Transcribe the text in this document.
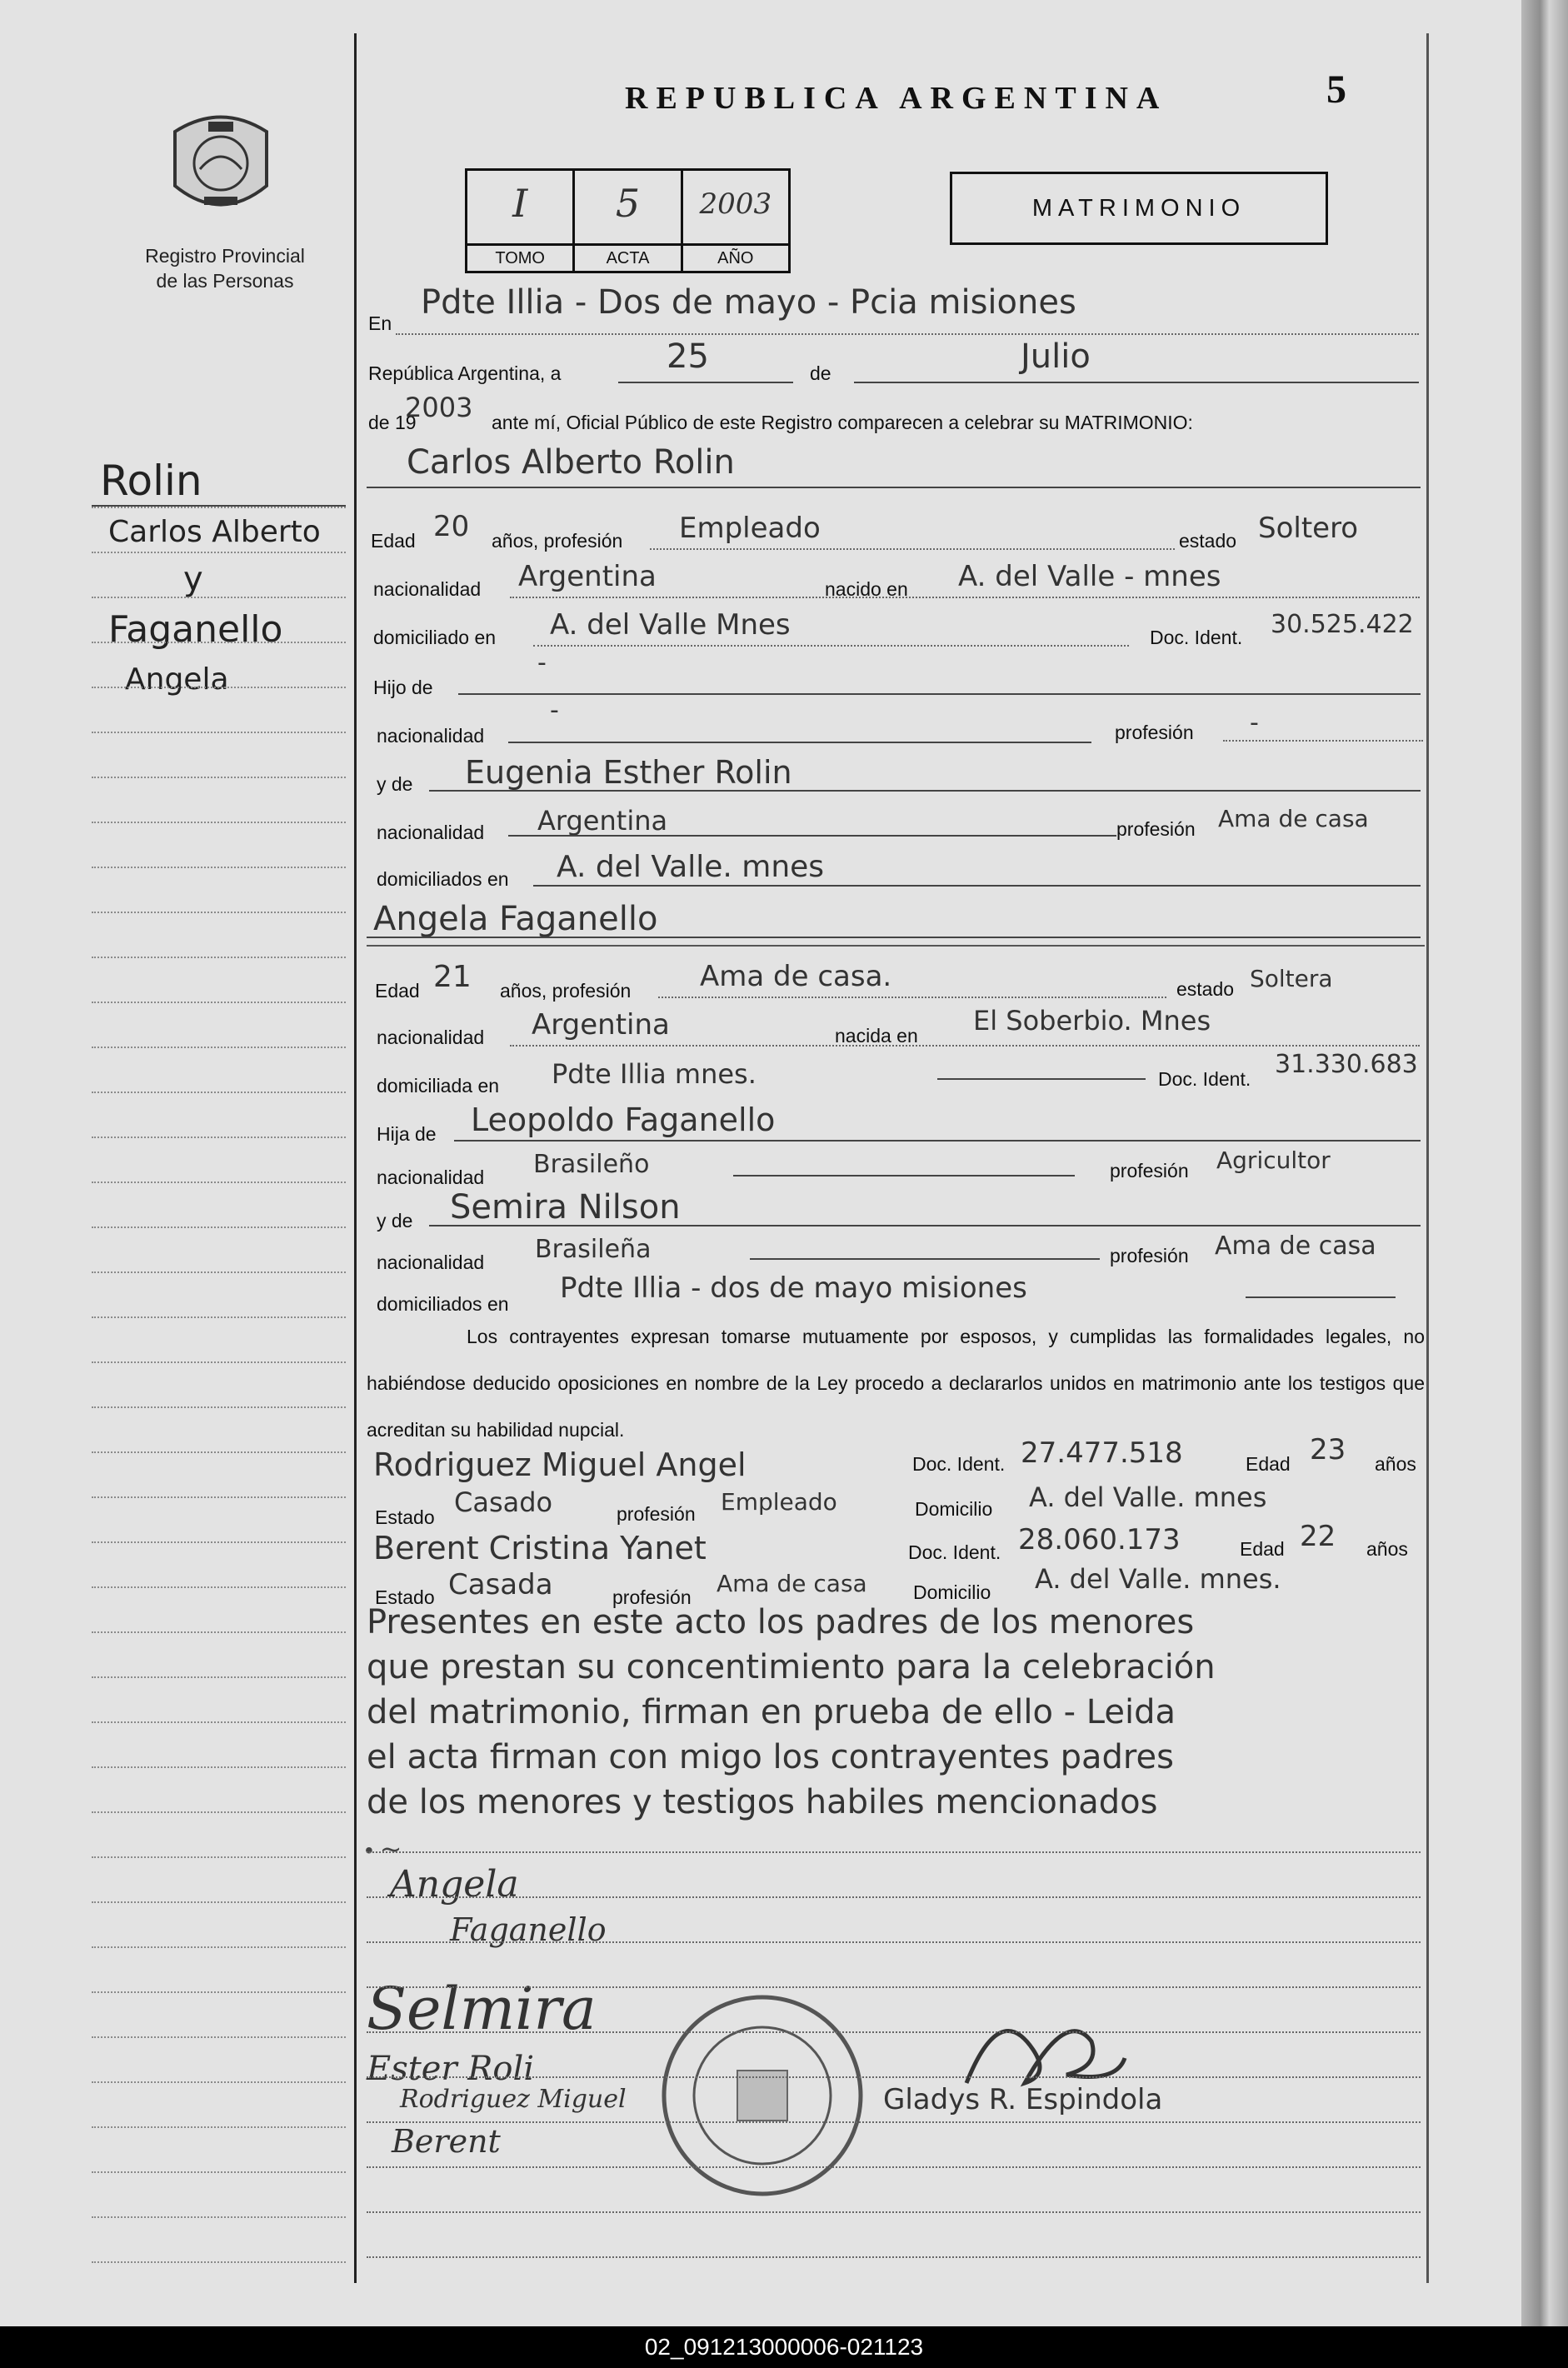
Registro Provincial
de las Personas
REPUBLICA ARGENTINA	5
I
TOMO
5
ACTA
2003
AÑO
MATRIMONIO
Rolin
Carlos Alberto
y
Faganello
Angela
En
Pdte Illia - Dos de mayo - Pcia misiones
República Argentina, a	25	de	Julio
de 19
2003 ante mí, Oficial Público de este Registro comparecen a celebrar su MATRIMONIO:
Carlos Alberto Rolin
Edad 20 años, profesión Empleado	estado Soltero
nacionalidad Argentina	nacido en A. del Valle - mnes
domiciliado en A. del Valle Mnes	Doc. Ident. 30.525.422
Hijo de
-
nacionalidad
-
profesión -
y de Eugenia Esther Rolin
nacionalidad Argentina	profesión Ama de casa
domiciliados en A. del Valle. mnes
Angela Faganello
Edad 21 años, profesión Ama de casa.	estado Soltera
nacionalidad Argentina	nacida en El Soberbio. Mnes
domiciliada en Pdte Illia mnes.	Doc. Ident. 31.330.683
Hija de Leopoldo Faganello
nacionalidad Brasileño	profesión Agricultor
y de Semira Nilson
nacionalidad Brasileña	profesión Ama de casa
domiciliados en Pdte Illia - dos de mayo misiones
Los contrayentes expresan tomarse mutuamente por esposos, y cumplidas las formalidades legales, no habiéndose deducido oposiciones en nombre de la Ley procedo a declararlos unidos en matrimonio ante los testigos que acreditan su habilidad nupcial.
Rodriguez Miguel Angel	Doc. Ident. 27.477.518	Edad 23 años
Estado Casado	profesión Empleado	Domicilio A. del Valle. mnes
Berent Cristina Yanet	Doc. Ident. 28.060.173	Edad 22 años
Estado Casada	profesión Ama de casa Domicilio A. del Valle. mnes.
Presentes en este acto los padres de los menores
que prestan su concentimiento para la celebración
del matrimonio, firman en prueba de ello - Leida
el acta firman con migo los contrayentes padres
de los menores y testigos habiles mencionados
• ~
Angela
Faganello
Selmira
Ester Roli
Rodriguez Miguel
Berent
Gladys R. Espindola
02_091213000006-021123
